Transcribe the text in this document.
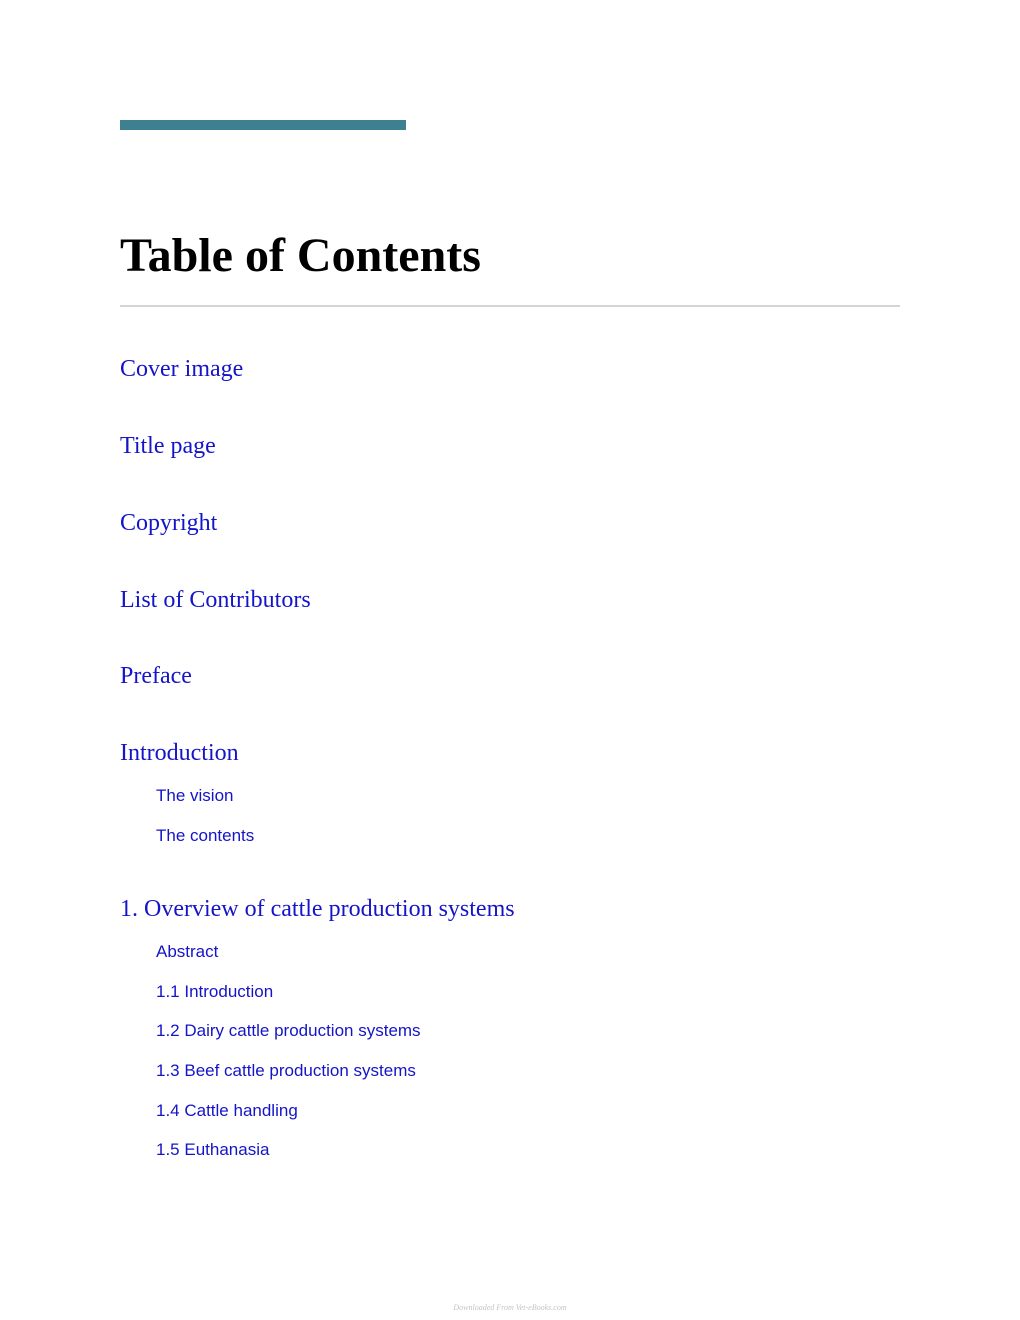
Table of Contents
Cover image
Title page
Copyright
List of Contributors
Preface
Introduction
The vision
The contents
1. Overview of cattle production systems
Abstract
1.1 Introduction
1.2 Dairy cattle production systems
1.3 Beef cattle production systems
1.4 Cattle handling
1.5 Euthanasia
Downloaded From Vet-eBooks.com
